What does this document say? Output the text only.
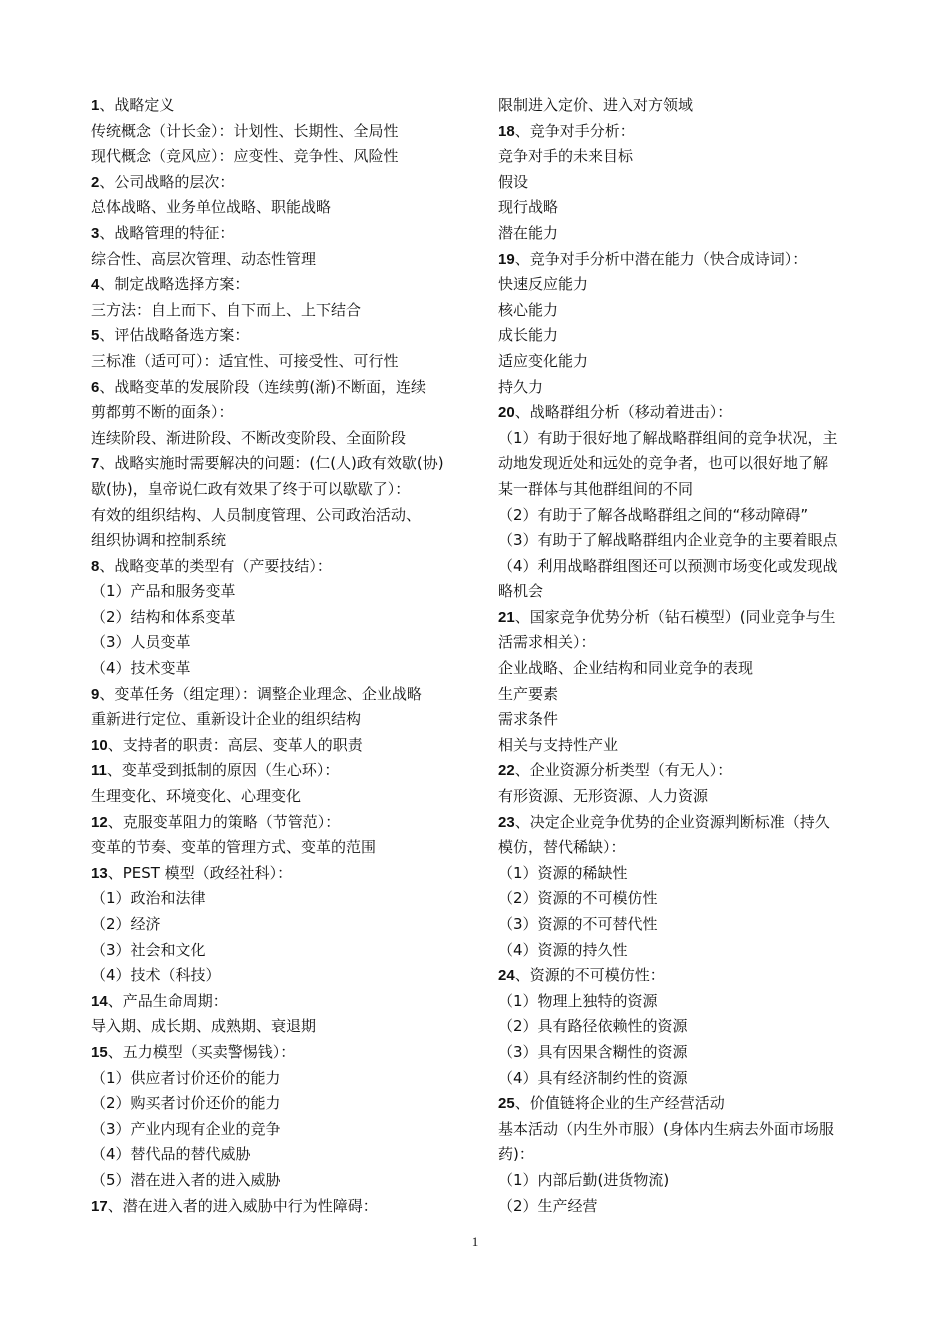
1、战略定义
传统概念（计长金）：计划性、长期性、全局性
现代概念（竞风应）：应变性、竞争性、风险性
2、公司战略的层次：
总体战略、业务单位战略、职能战略
3、战略管理的特征：
综合性、高层次管理、动态性管理
4、制定战略选择方案：
三方法：自上而下、自下而上、上下结合
5、评估战略备选方案：
三标准（适可可）：适宜性、可接受性、可行性
6、战略变革的发展阶段（连续剪(渐)不断面，连续
剪都剪不断的面条）：
连续阶段、渐进阶段、不断改变阶段、全面阶段
7、战略实施时需要解决的问题：(仁(人)政有效歇(协)
歇(协)，皇帝说仁政有效果了终于可以歇歇了）：
有效的组织结构、人员制度管理、公司政治活动、
组织协调和控制系统
8、战略变革的类型有（产要技结）：
（1）产品和服务变革
（2）结构和体系变革
（3）人员变革
（4）技术变革
9、变革任务（组定理）：调整企业理念、企业战略
重新进行定位、重新设计企业的组织结构
10、支持者的职责：高层、变革人的职责
11、变革受到抵制的原因（生心环）：
生理变化、环境变化、心理变化
12、克服变革阻力的策略（节管范）：
变革的节奏、变革的管理方式、变革的范围
13、PEST 模型（政经社科）：
（1）政治和法律
（2）经济
（3）社会和文化
（4）技术（科技）
14、产品生命周期：
导入期、成长期、成熟期、衰退期
15、五力模型（买卖警惕钱）：
（1）供应者讨价还价的能力
（2）购买者讨价还价的能力
（3）产业内现有企业的竞争
（4）替代品的替代威胁
（5）潜在进入者的进入威胁
17、潜在进入者的进入威胁中行为性障碍：
限制进入定价、进入对方领域
18、竞争对手分析：
竞争对手的未来目标
假设
现行战略
潜在能力
19、竞争对手分析中潜在能力（快合成诗词）：
快速反应能力
核心能力
成长能力
适应变化能力
持久力
20、战略群组分析（移动着进击）：
（1）有助于很好地了解战略群组间的竞争状况，主
动地发现近处和远处的竞争者，也可以很好地了解
某一群体与其他群组间的不同
（2）有助于了解各战略群组之间的“移动障碍”
（3）有助于了解战略群组内企业竞争的主要着眼点
（4）利用战略群组图还可以预测市场变化或发现战
略机会
21、国家竞争优势分析（钻石模型）(同业竞争与生
活需求相关）：
企业战略、企业结构和同业竞争的表现
生产要素
需求条件
相关与支持性产业
22、企业资源分析类型（有无人）：
有形资源、无形资源、人力资源
23、决定企业竞争优势的企业资源判断标准（持久
模仿，替代稀缺）：
（1）资源的稀缺性
（2）资源的不可模仿性
（3）资源的不可替代性
（4）资源的持久性
24、资源的不可模仿性：
（1）物理上独特的资源
（2）具有路径依赖性的资源
（3）具有因果含糊性的资源
（4）具有经济制约性的资源
25、价值链将企业的生产经营活动
基本活动（内生外市服）(身体内生病去外面市场服
药)：
（1）内部后勤(进货物流)
（2）生产经营
1
